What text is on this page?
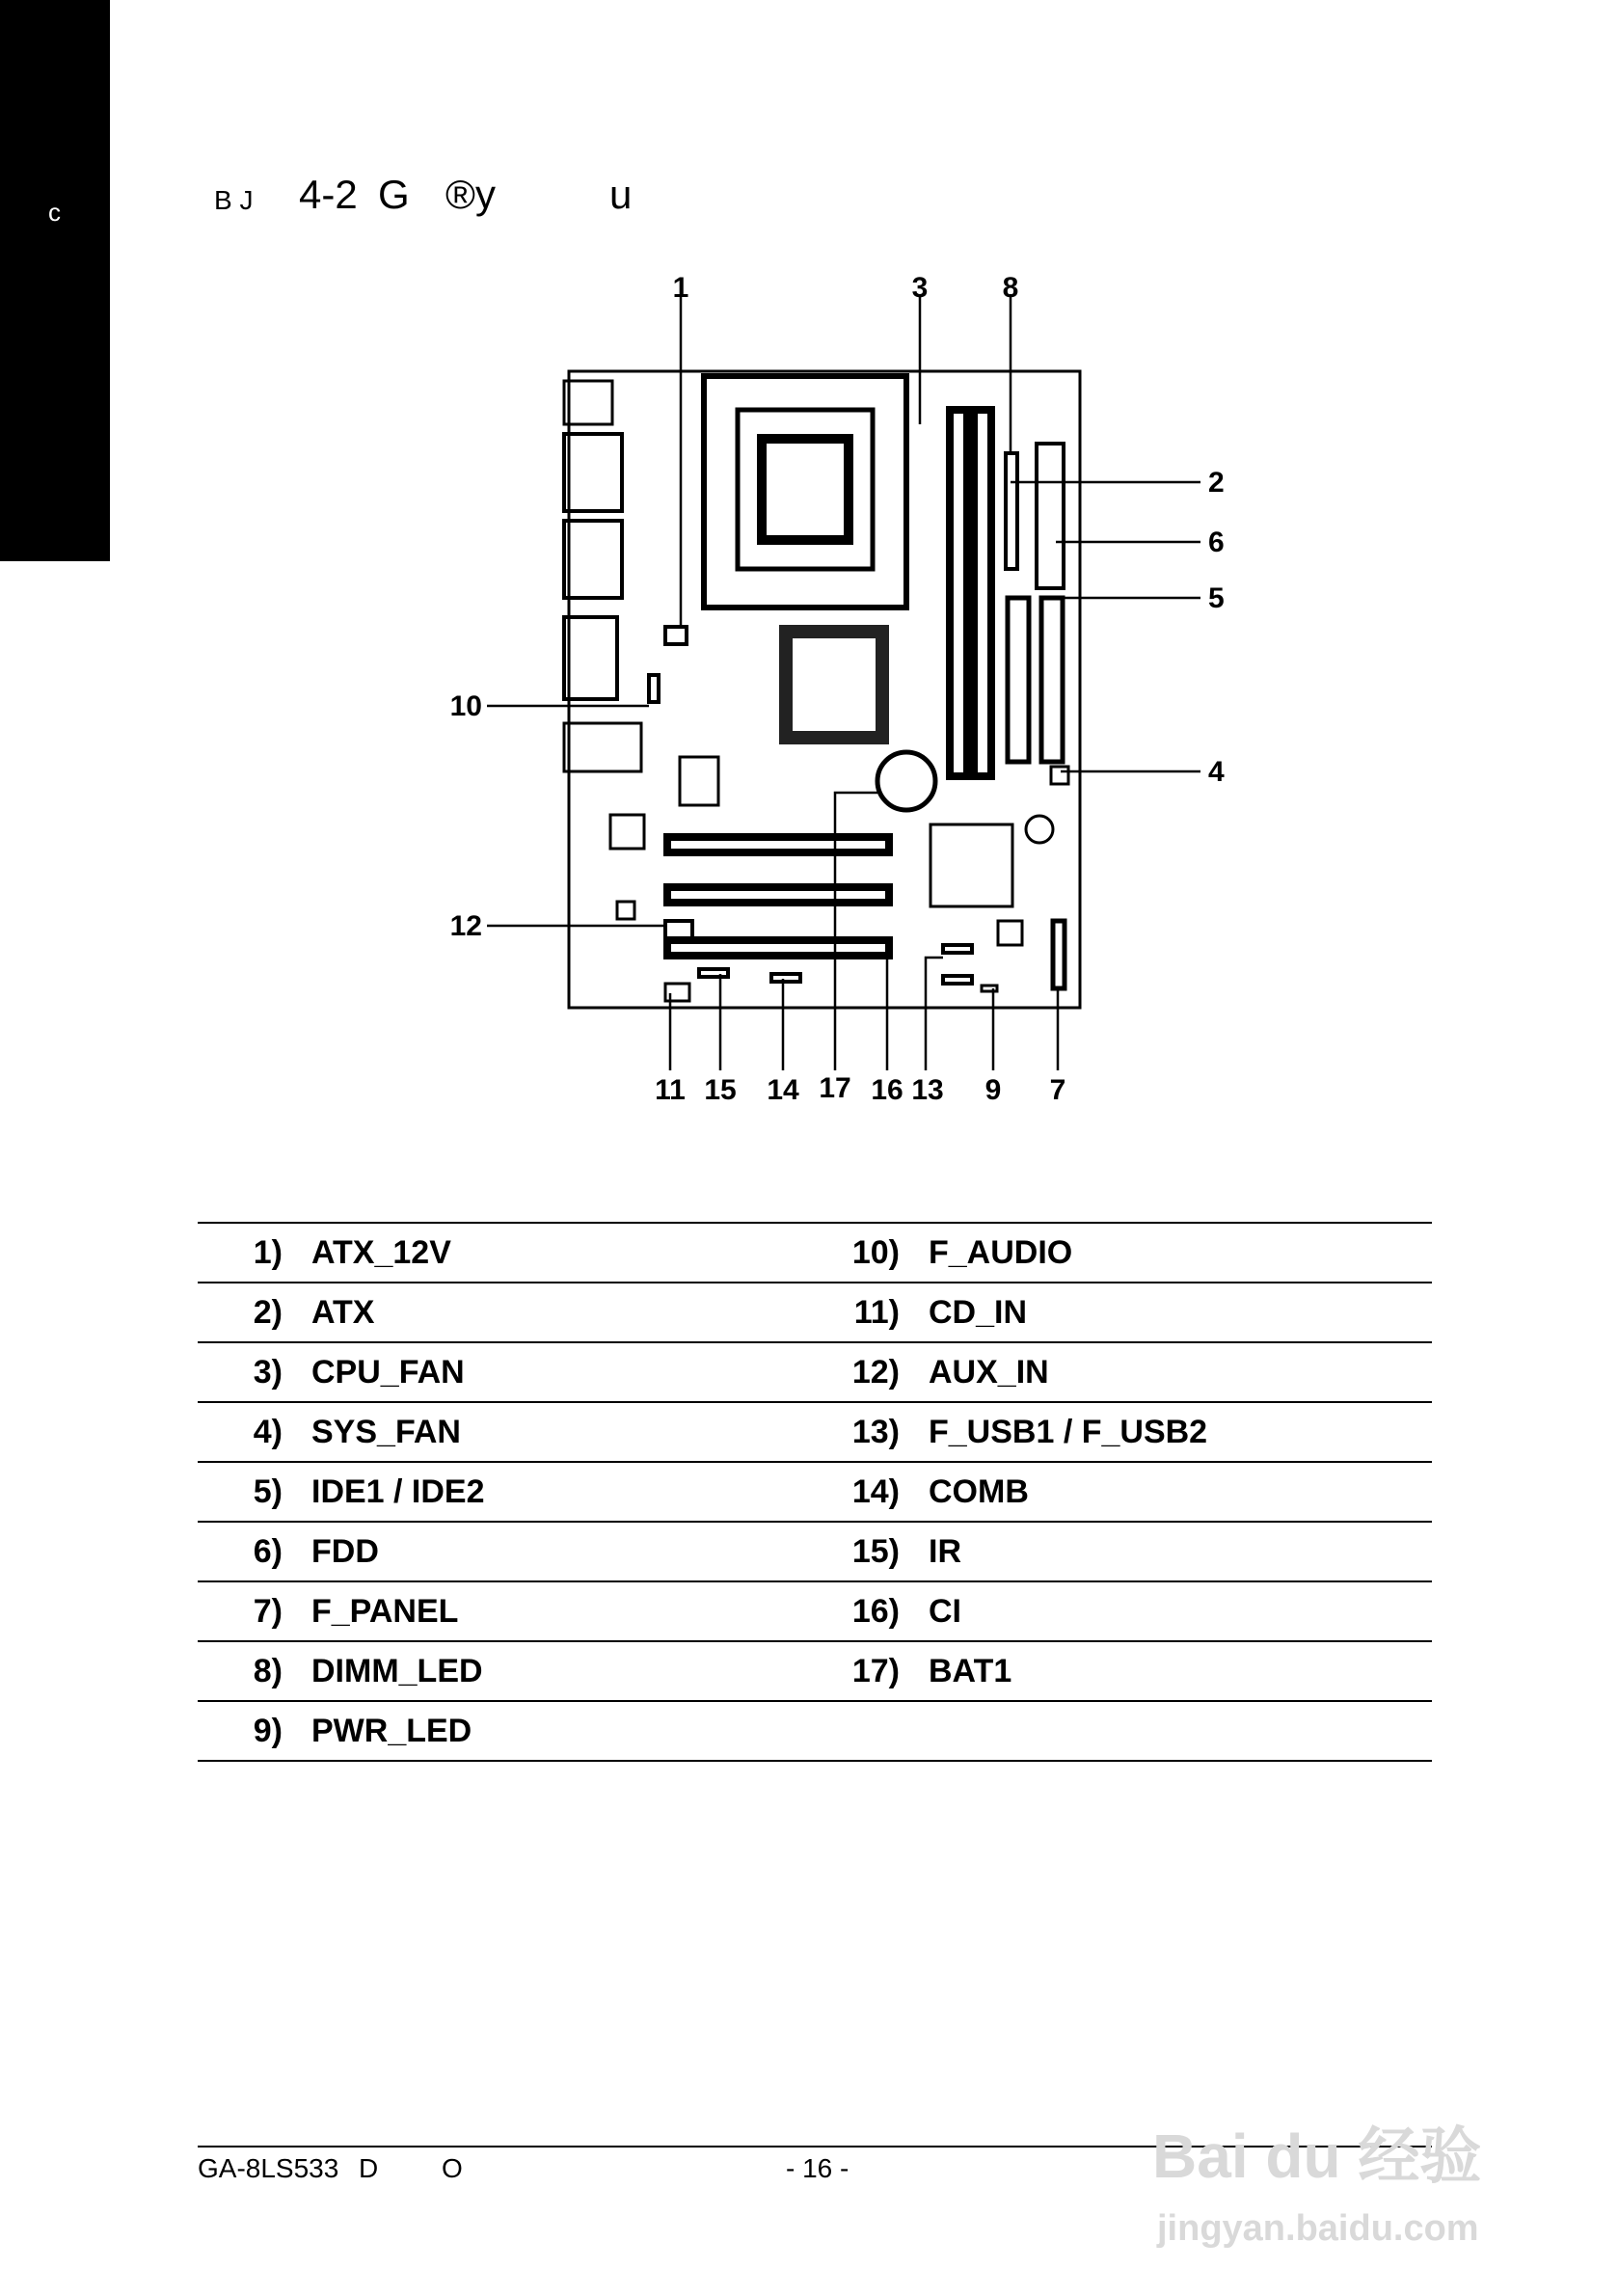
c	B J 4-2 G ®y	u
1	3	8
2
6
5
4
10
12
11 15 14 17 16 13 9 7
1)	ATX_12V	10)	F_AUDIO
2)	ATX	11)	CD_IN
3)	CPU_FAN	12)	AUX_IN
4)	SYS_FAN	13)	F_USB1 / F_USB2
5)	IDE1 / IDE2	14)	COMB
6)	FDD	15)	IR
7)	F_PANEL	16)	CI
8)	DIMM_LED	17)	BAT1
9)	PWR_LED		
GA-8LS533 D O	- 16 -	Bai du 经验
jingyan.baidu.com
